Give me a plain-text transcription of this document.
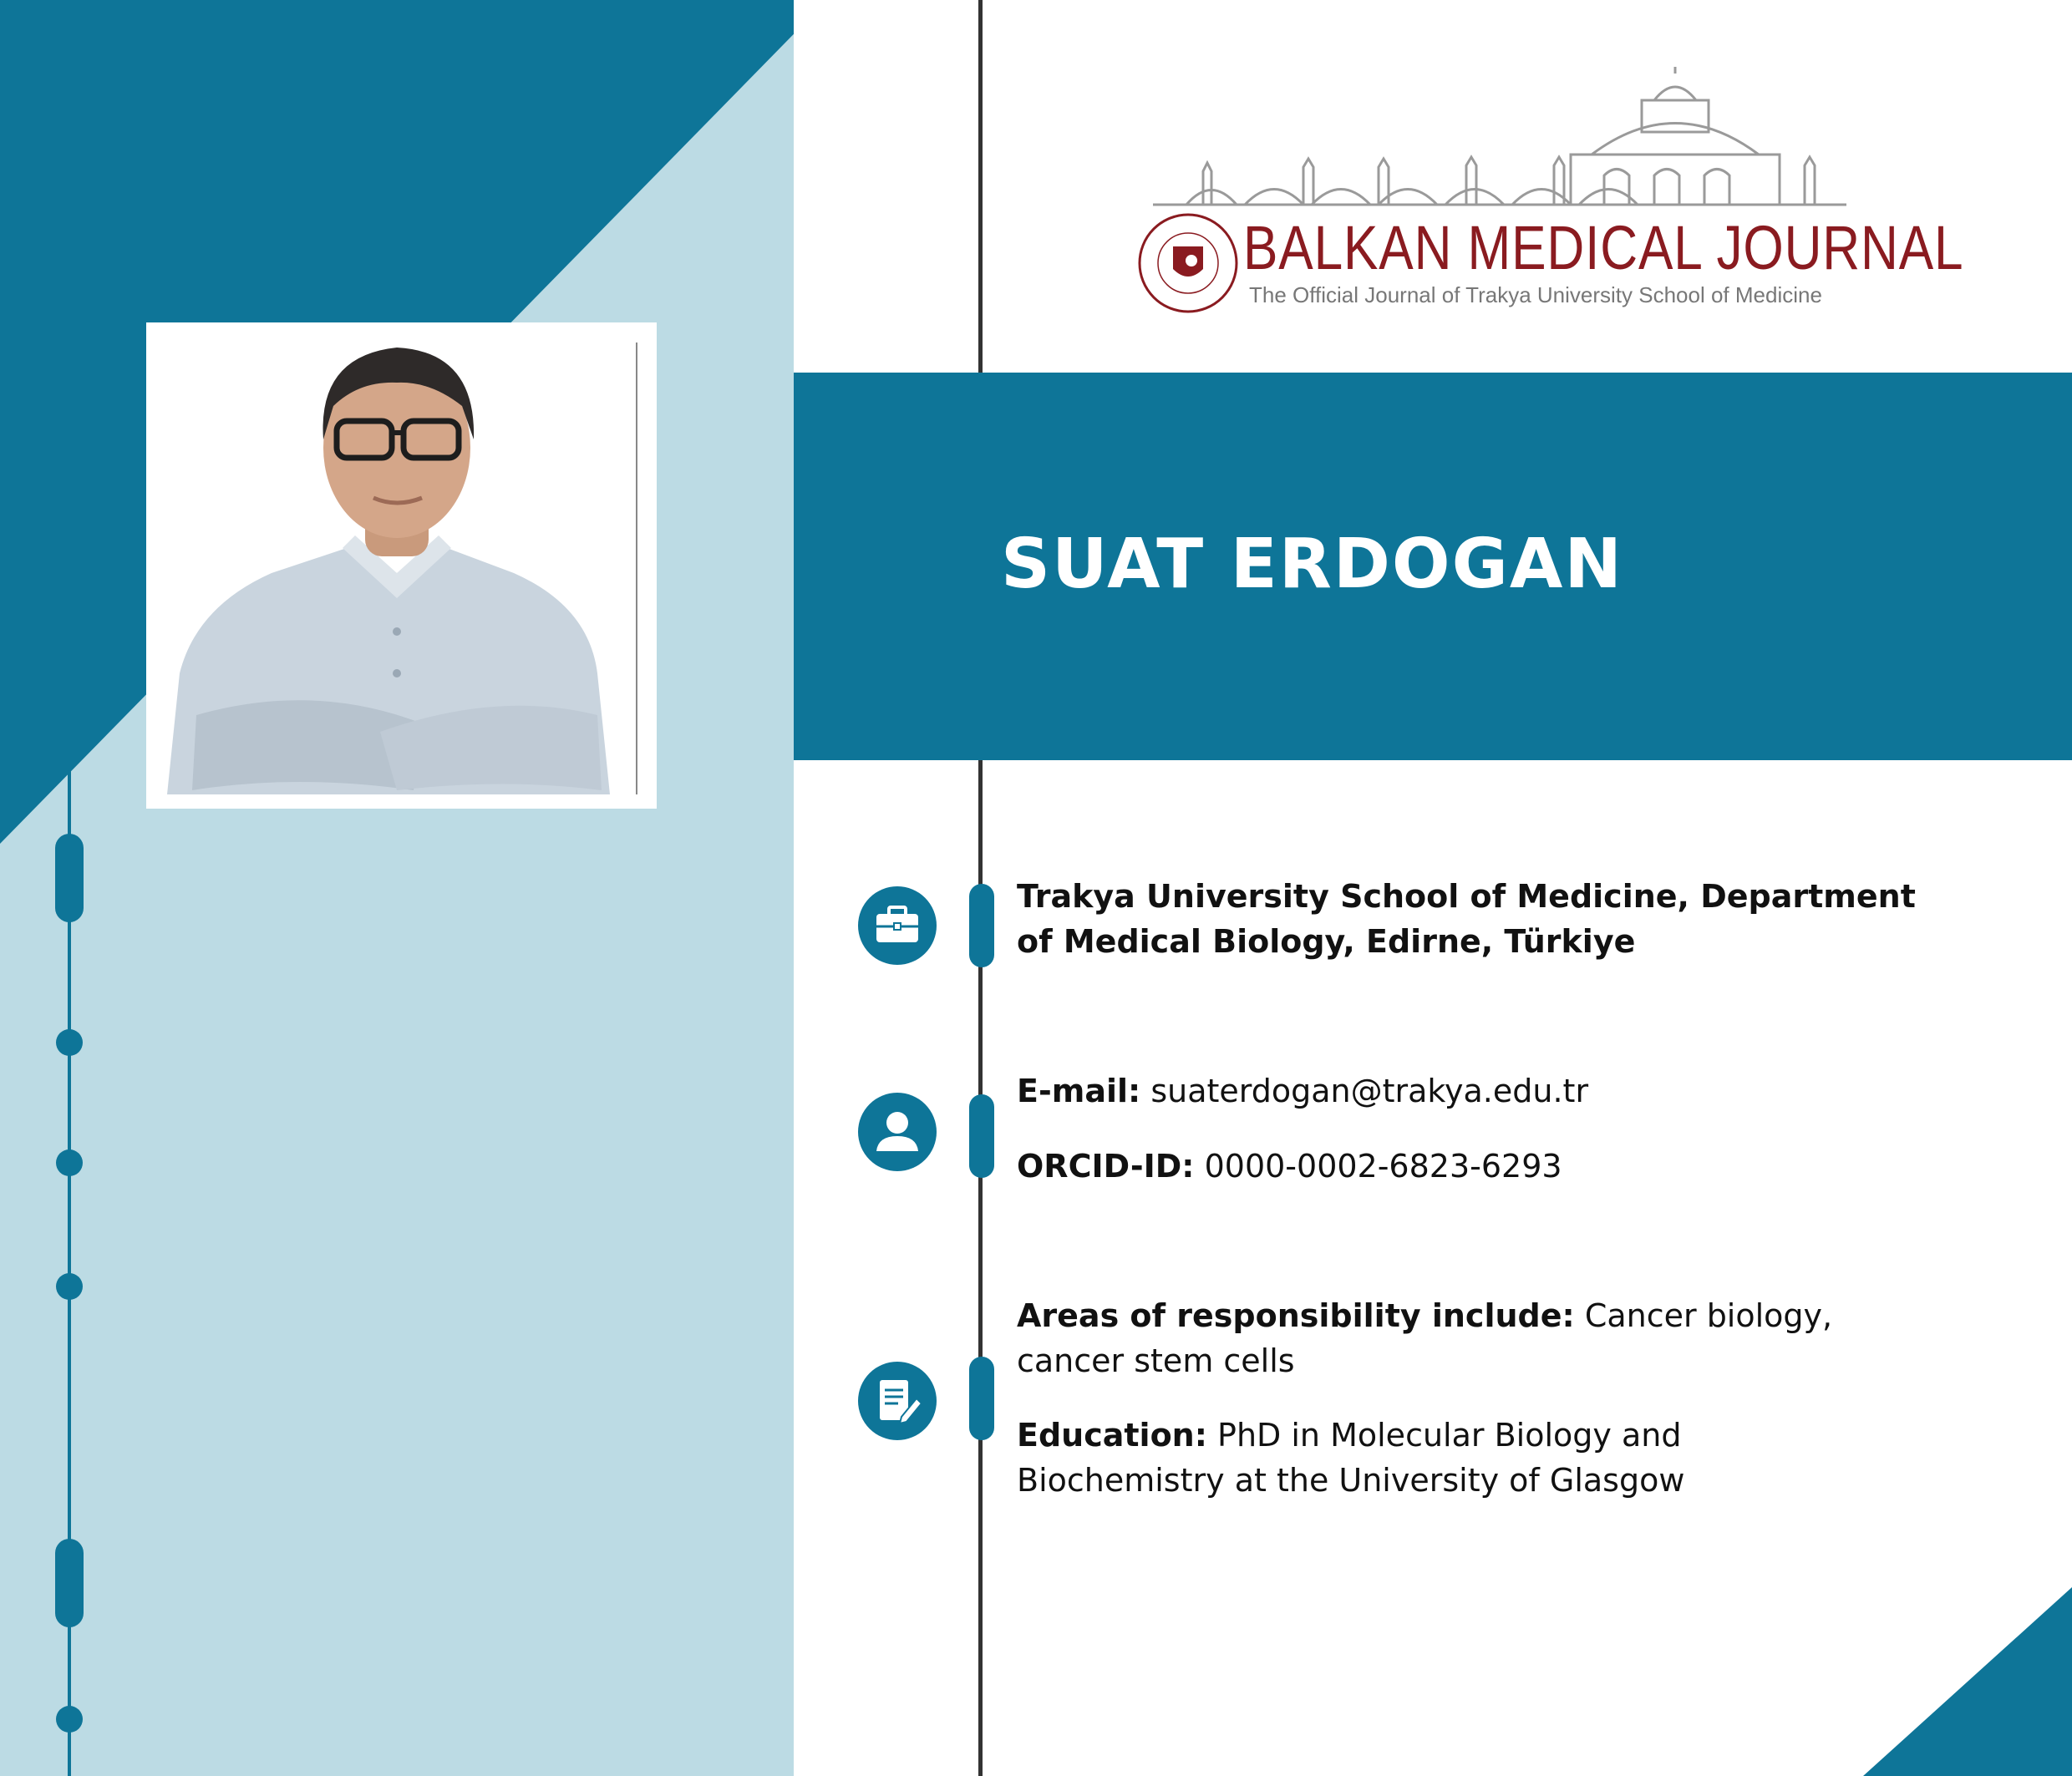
BALKAN MEDICAL JOURNAL

The Official Journal of Trakya University School of Medicine

SUAT ERDOGAN

Trakya University School of Medicine, Department of Medical Biology, Edirne, Türkiye

E-mail: suaterdogan@trakya.edu.tr

ORCID-ID: 0000-0002-6823-6293

Areas of responsibility include: Cancer biology, cancer stem cells

Education: PhD in Molecular Biology and Biochemistry at the University of Glasgow
